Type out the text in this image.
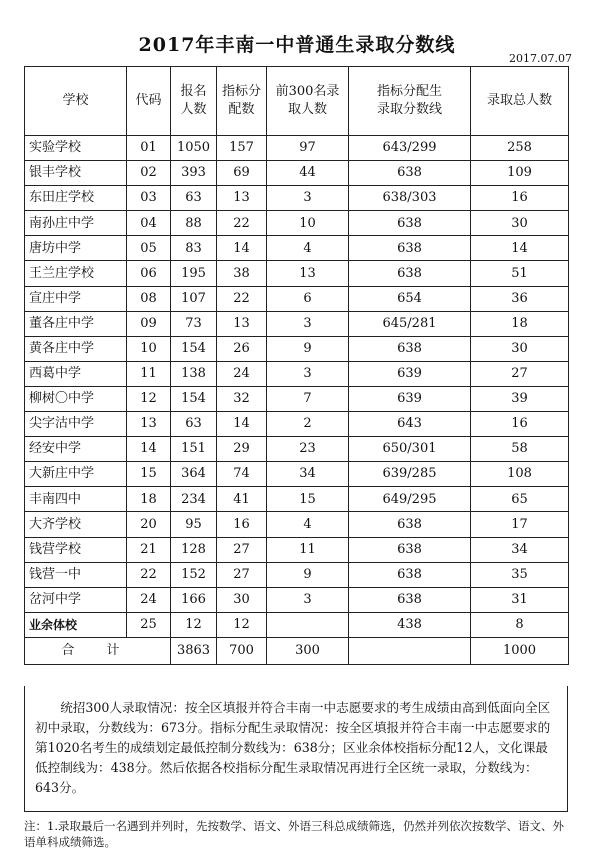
2017年丰南一中普通生录取分数线
2017.07.07
学校	代码	报名人数	指标分配数	前300名录取人数	指标分配生录取分数线	录取总人数
实验学校	01	1050	157	97	643/299	258
银丰学校	02	393	69	44	638	109
东田庄学校	03	63	13	3	638/303	16
南孙庄中学	04	88	22	10	638	30
唐坊中学	05	83	14	4	638	14
王兰庄学校	06	195	38	13	638	51
宣庄中学	08	107	22	6	654	36
董各庄中学	09	73	13	3	645/281	18
黄各庄中学	10	154	26	9	638	30
西葛中学	11	138	24	3	639	27
柳树〇中学	12	154	32	7	639	39
尖字沽中学	13	63	14	2	643	16
经安中学	14	151	29	23	650/301	58
大新庄中学	15	364	74	34	639/285	108
丰南四中	18	234	41	15	649/295	65
大齐学校	20	95	16	4	638	17
钱营学校	21	128	27	11	638	34
钱营一中	22	152	27	9	638	35
岔河中学	24	166	30	3	638	31
业余体校	25	12	12		438	8
合 计		3863	700	300		1000

统招300人录取情况：按全区填报并符合丰南一中志愿要求的考生成绩由高到低面向全区初中录取，分数线为：673分。指标分配生录取情况：按全区填报并符合丰南一中志愿要求的第1020名考生的成绩划定最低控制分数线为：638分；区业余体校指标分配12人，文化课最低控制线为：438分。然后依据各校指标分配生录取情况再进行全区统一录取，分数线为：643分。

注：1.录取最后一名遇到并列时，先按数学、语文、外语三科总成绩筛选，仍然并列依次按数学、语文、外语单科成绩筛选。
